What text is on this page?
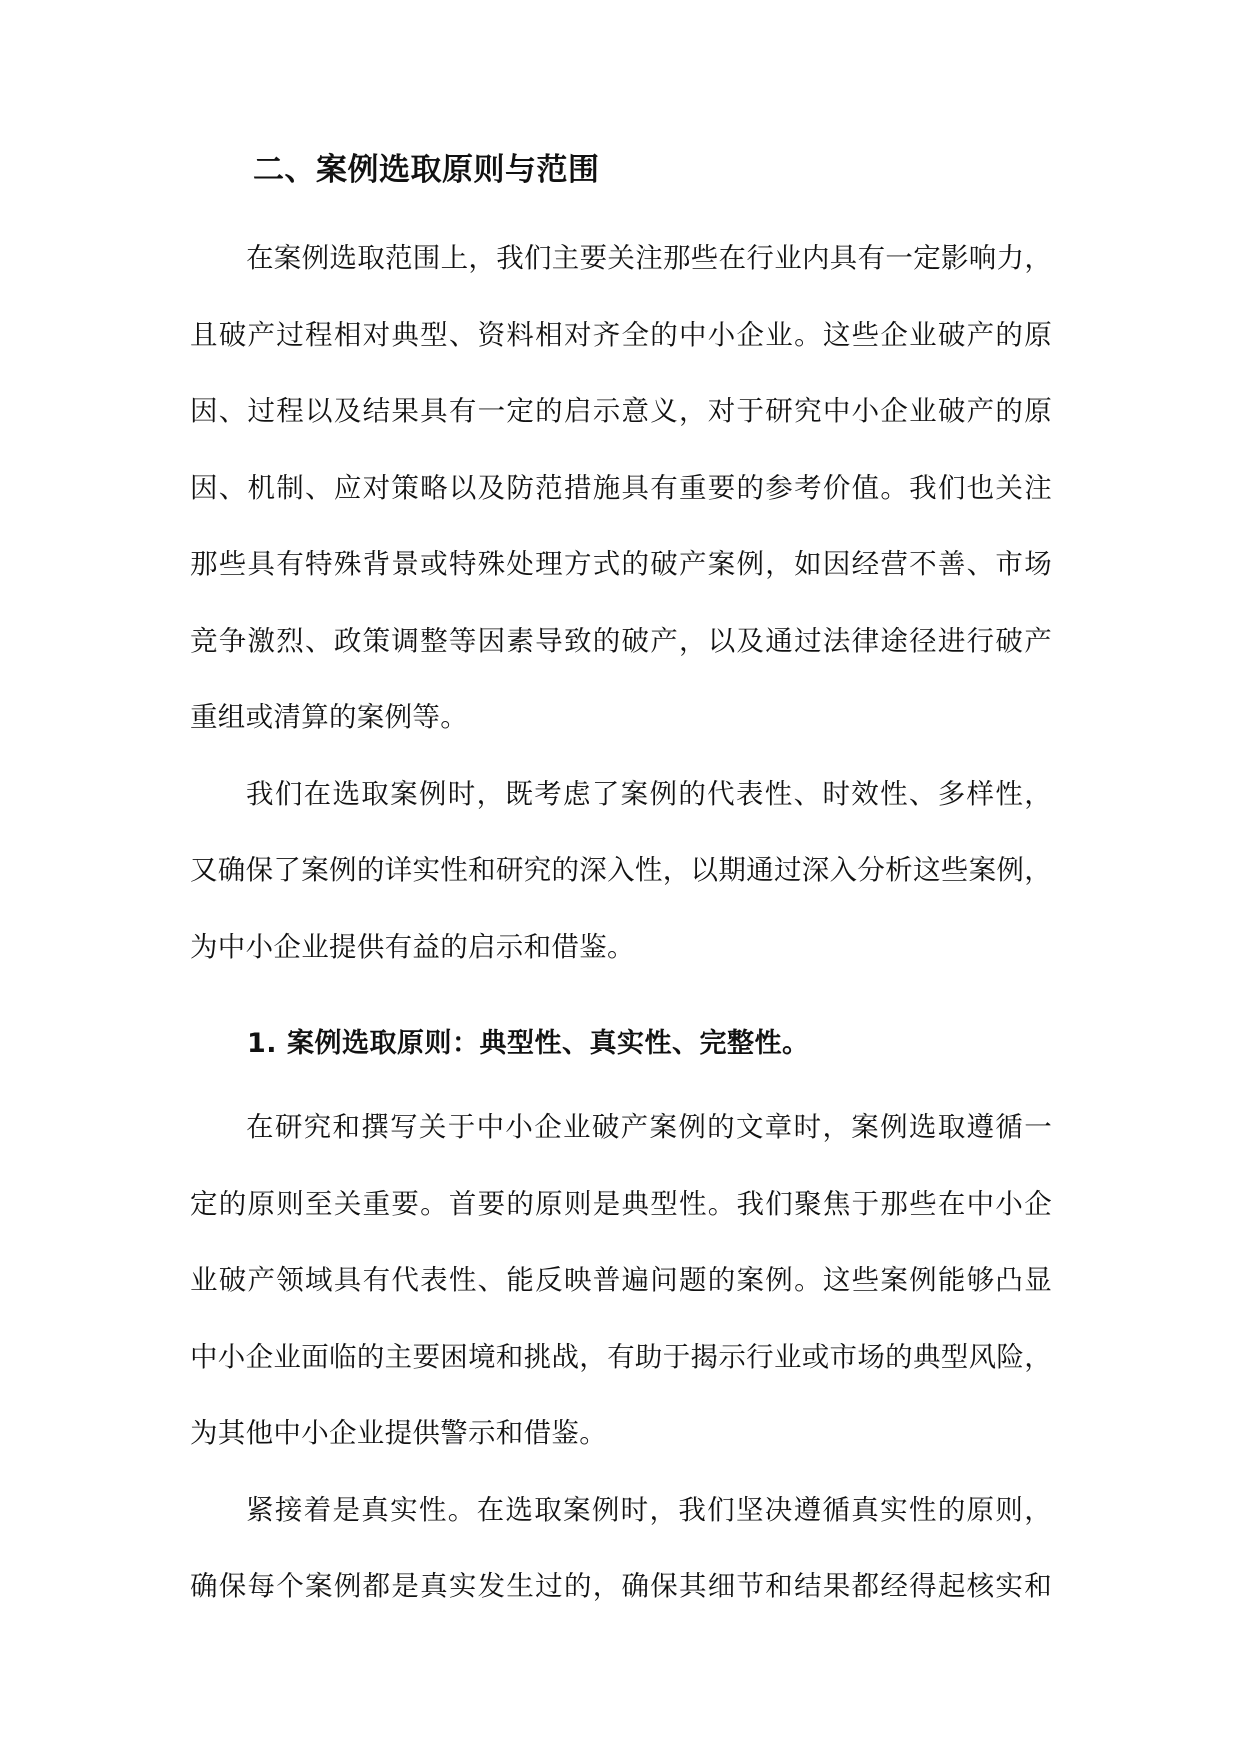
二、案例选取原则与范围
在案例选取范围上，我们主要关注那些在行业内具有一定影响力，
且破产过程相对典型、资料相对齐全的中小企业。这些企业破产的原
因、过程以及结果具有一定的启示意义，对于研究中小企业破产的原
因、机制、应对策略以及防范措施具有重要的参考价值。我们也关注
那些具有特殊背景或特殊处理方式的破产案例，如因经营不善、市场
竞争激烈、政策调整等因素导致的破产，以及通过法律途径进行破产
重组或清算的案例等。
我们在选取案例时，既考虑了案例的代表性、时效性、多样性，
又确保了案例的详实性和研究的深入性，以期通过深入分析这些案例，
为中小企业提供有益的启示和借鉴。
1. 案例选取原则：典型性、真实性、完整性。
在研究和撰写关于中小企业破产案例的文章时，案例选取遵循一
定的原则至关重要。首要的原则是典型性。我们聚焦于那些在中小企
业破产领域具有代表性、能反映普遍问题的案例。这些案例能够凸显
中小企业面临的主要困境和挑战，有助于揭示行业或市场的典型风险，
为其他中小企业提供警示和借鉴。
紧接着是真实性。在选取案例时，我们坚决遵循真实性的原则，
确保每个案例都是真实发生过的，确保其细节和结果都经得起核实和
